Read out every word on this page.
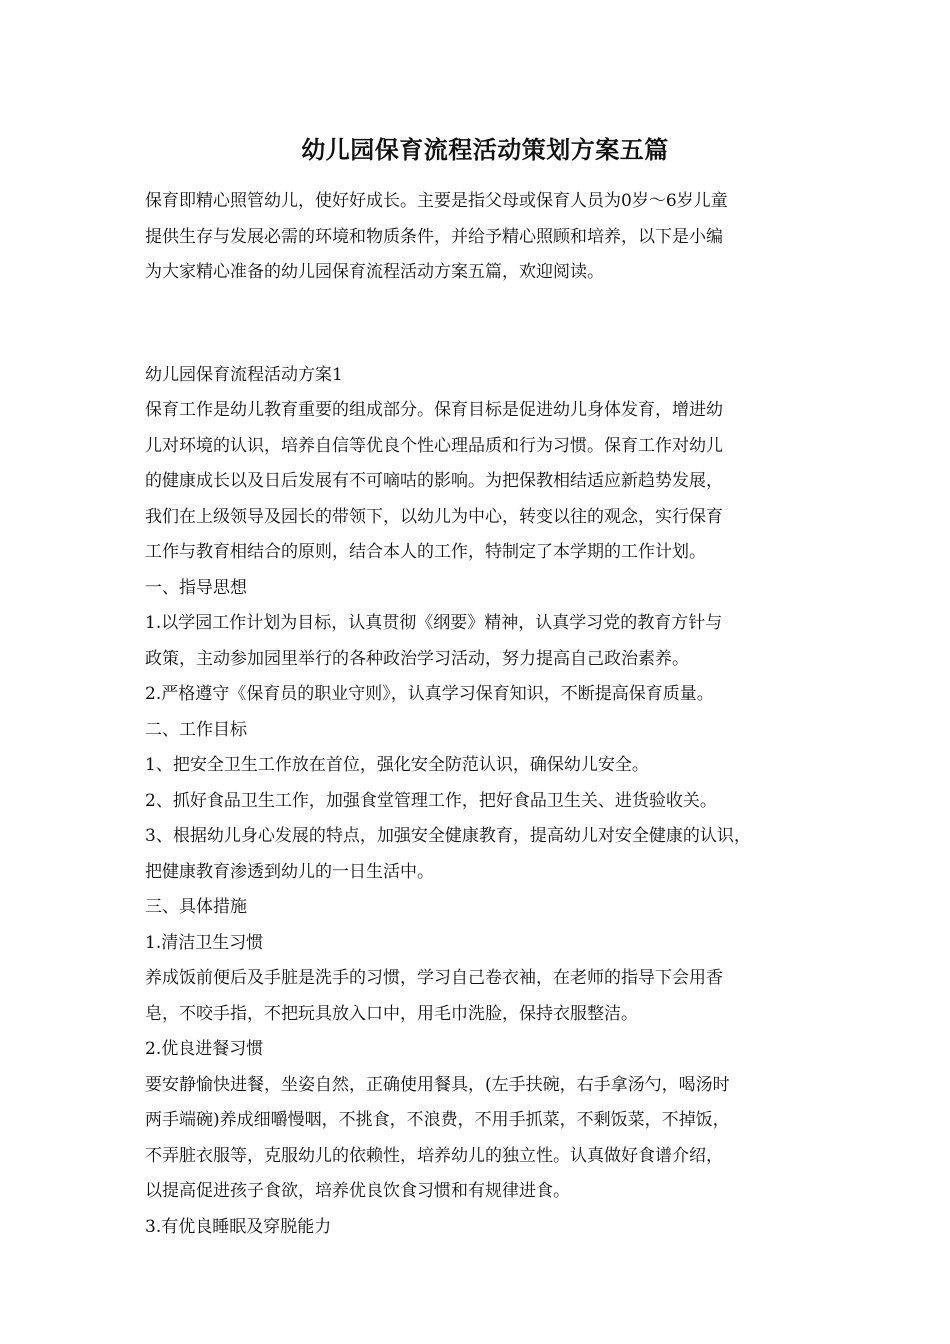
幼儿园保育流程活动策划方案五篇

保育即精心照管幼儿，使好好成长。主要是指父母或保育人员为0岁～6岁儿童

提供生存与发展必需的环境和物质条件，并给予精心照顾和培养，以下是小编

为大家精心准备的幼儿园保育流程活动方案五篇，欢迎阅读。

幼儿园保育流程活动方案1

保育工作是幼儿教育重要的组成部分。保育目标是促进幼儿身体发育，增进幼

儿对环境的认识，培养自信等优良个性心理品质和行为习惯。保育工作对幼儿

的健康成长以及日后发展有不可嘀咕的影响。为把保教相结适应新趋势发展，

我们在上级领导及园长的带领下，以幼儿为中心，转变以往的观念，实行保育

工作与教育相结合的原则，结合本人的工作，特制定了本学期的工作计划。

一、指导思想

1.以学园工作计划为目标，认真贯彻《纲要》精神，认真学习党的教育方针与

政策，主动参加园里举行的各种政治学习活动，努力提高自己政治素养。

2.严格遵守《保育员的职业守则》，认真学习保育知识，不断提高保育质量。

二、工作目标

1、把安全卫生工作放在首位，强化安全防范认识，确保幼儿安全。

2、抓好食品卫生工作，加强食堂管理工作，把好食品卫生关、进货验收关。

3、根据幼儿身心发展的特点，加强安全健康教育，提高幼儿对安全健康的认识，

把健康教育渗透到幼儿的一日生活中。

三、具体措施

1.清洁卫生习惯

养成饭前便后及手脏是洗手的习惯，学习自己卷衣袖，在老师的指导下会用香

皂，不咬手指，不把玩具放入口中，用毛巾洗脸，保持衣服整洁。

2.优良进餐习惯

要安静愉快进餐，坐姿自然，正确使用餐具，(左手扶碗，右手拿汤勺，喝汤时

两手端碗)养成细嚼慢咽，不挑食，不浪费，不用手抓菜，不剩饭菜，不掉饭，

不弄脏衣服等，克服幼儿的依赖性，培养幼儿的独立性。认真做好食谱介绍，

以提高促进孩子食欲，培养优良饮食习惯和有规律进食。

3.有优良睡眠及穿脱能力
